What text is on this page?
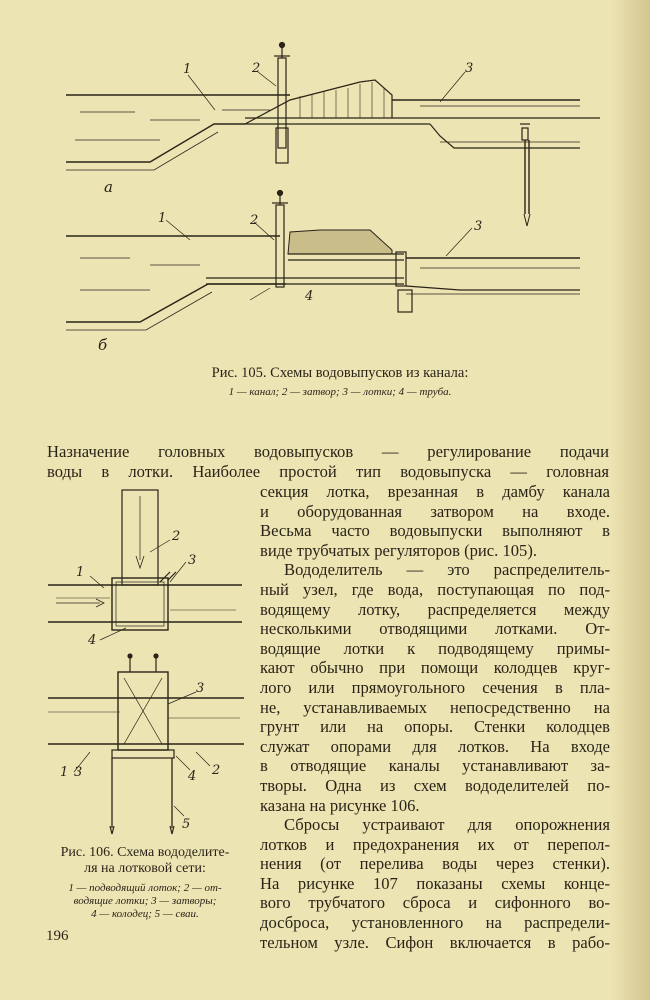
1	2	3
а
1	2	3
4
б
Рис. 105. Схемы водовыпусков из канала:
1 — канал; 2 — затвор; 3 — лотки; 4 — труба.
Назначение головных водовыпусков — регулирование подачи
воды в лотки. Наиболее простой тип водовыпуска — головная
секция лотка, врезанная в дамбу канала
и оборудованная затвором на входе.
Весьма часто водовыпуски выполняют в
виде трубчатых регуляторов (рис. 105).
Вододелитель — это распределитель-
ный узел, где вода, поступающая по под-
водящему лотку, распределяется между
несколькими отводящими лотками. От-
водящие лотки к подводящему примы-
кают обычно при помощи колодцев круг-
лого или прямоугольного сечения в пла-
не, устанавливаемых непосредственно на
грунт или на опоры. Стенки колодцев
служат опорами для лотков. На входе
в отводящие каналы устанавливают за-
творы. Одна из схем вододелителей по-
казана на рисунке 106.
Сбросы устраивают для опорожнения
лотков и предохранения их от перепол-
нения (от перелива воды через стенки).
На рисунке 107 показаны схемы конце-
вого трубчатого сброса и сифонного во-
досброса, установленного на распредели-
тельном узле. Сифон включается в рабо-
2
3
1
4
3
1 3	4 2
5
Рис. 106. Схема вододелите-
ля на лотковой сети:
1 — подводящий лоток; 2 — от-
водящие лотки; 3 — затворы;
4 — колодец; 5 — сваи.
196
